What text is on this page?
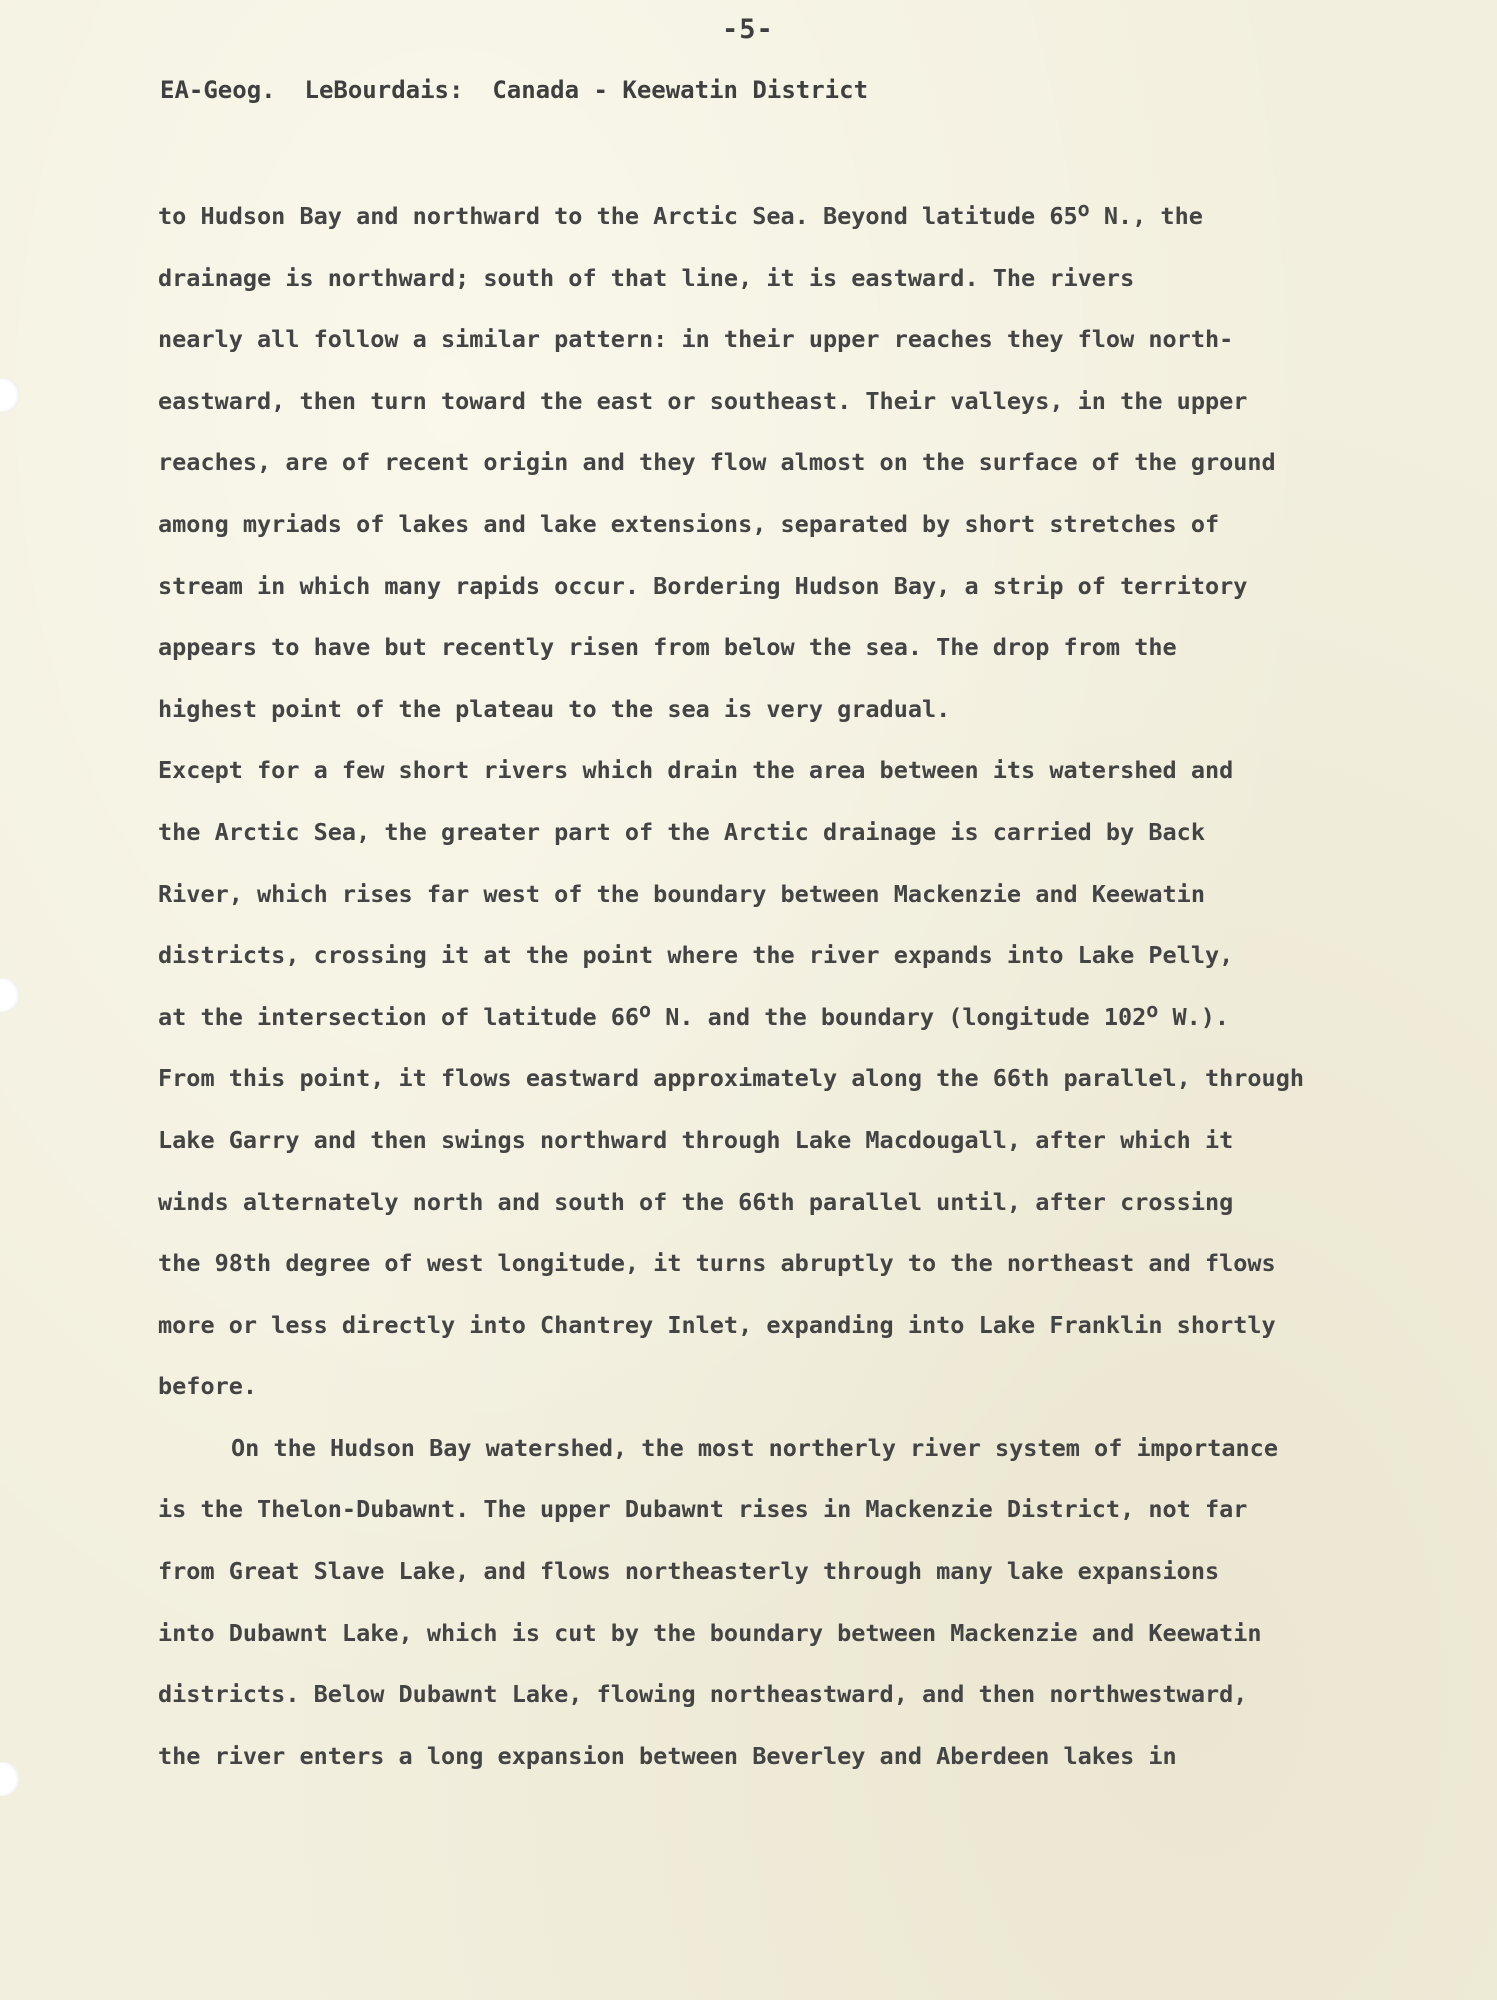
-5-
EA-Geog.  LeBourdais:  Canada - Keewatin District
to Hudson Bay and northward to the Arctic Sea. Beyond latitude 65$^o$ N., the
drainage is northward; south of that line, it is eastward. The rivers
nearly all follow a similar pattern: in their upper reaches they flow north-
eastward, then turn toward the east or southeast. Their valleys, in the upper
reaches, are of recent origin and they flow almost on the surface of the ground
among myriads of lakes and lake extensions, separated by short stretches of
stream in which many rapids occur. Bordering Hudson Bay, a strip of territory
appears to have but recently risen from below the sea. The drop from the
highest point of the plateau to the sea is very gradual.
Except for a few short rivers which drain the area between its watershed and
the Arctic Sea, the greater part of the Arctic drainage is carried by Back
River, which rises far west of the boundary between Mackenzie and Keewatin
districts, crossing it at the point where the river expands into Lake Pelly,
at the intersection of latitude 66$^o$ N. and the boundary (longitude 102$^o$ W.).
From this point, it flows eastward approximately along the 66th parallel, through
Lake Garry and then swings northward through Lake Macdougall, after which it
winds alternately north and south of the 66th parallel until, after crossing
the 98th degree of west longitude, it turns abruptly to the northeast and flows
more or less directly into Chantrey Inlet, expanding into Lake Franklin shortly
before.
On the Hudson Bay watershed, the most northerly river system of importance
is the Thelon-Dubawnt. The upper Dubawnt rises in Mackenzie District, not far
from Great Slave Lake, and flows northeasterly through many lake expansions
into Dubawnt Lake, which is cut by the boundary between Mackenzie and Keewatin
districts. Below Dubawnt Lake, flowing northeastward, and then northwestward,
the river enters a long expansion between Beverley and Aberdeen lakes in
